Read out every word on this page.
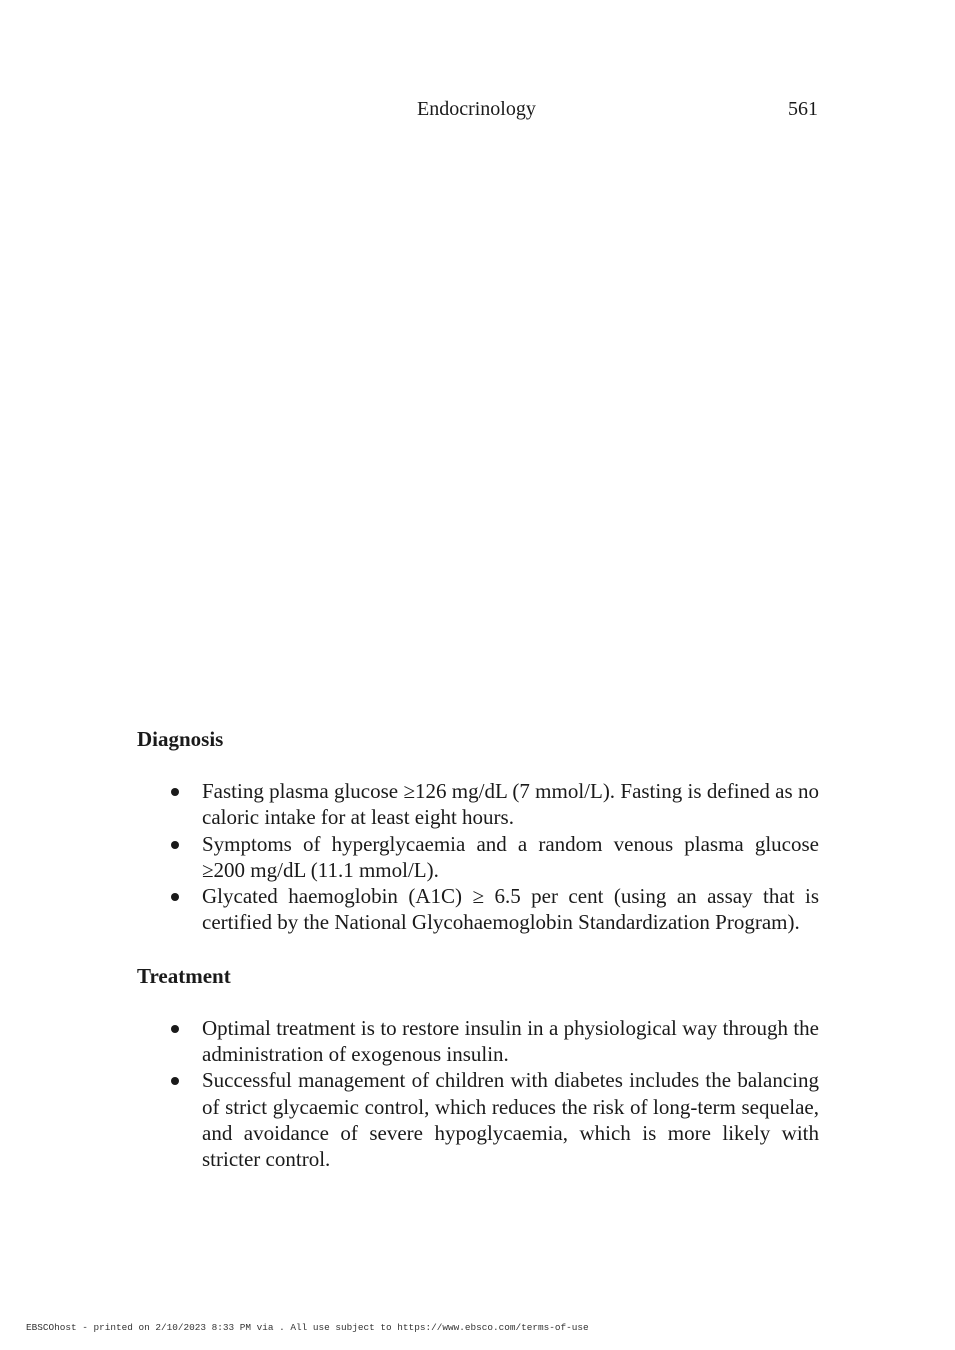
Endocrinology	561
Diagnosis
Fasting plasma glucose ≥126 mg/dL (7 mmol/L). Fasting is defined as no caloric intake for at least eight hours.
Symptoms of hyperglycaemia and a random venous plasma glucose ≥200 mg/dL (11.1 mmol/L).
Glycated haemoglobin (A1C) ≥ 6.5 per cent (using an assay that is certified by the National Glycohaemoglobin Standardization Program).
Treatment
Optimal treatment is to restore insulin in a physiological way through the administration of exogenous insulin.
Successful management of children with diabetes includes the balancing of strict glycaemic control, which reduces the risk of long-term sequelae, and avoidance of severe hypoglycaemia, which is more likely with stricter control.
EBSCOhost - printed on 2/10/2023 8:33 PM via . All use subject to https://www.ebsco.com/terms-of-use
